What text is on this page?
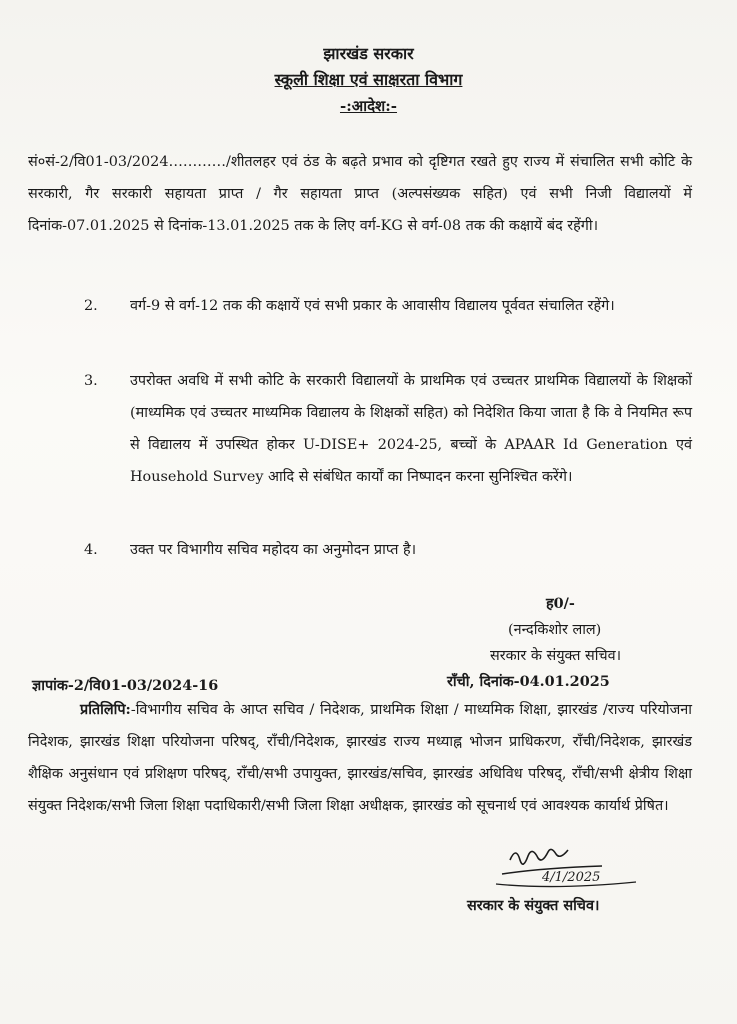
झारखंड सरकार
स्कूली शिक्षा एवं साक्षरता विभाग
-:आदेश:-
सं०सं-2/वि01-03/2024…………/शीतलहर एवं ठंड के बढ़ते प्रभाव को दृष्टिगत रखते हुए राज्य में संचालित सभी कोटि के सरकारी, गैर सरकारी सहायता प्राप्त / गैर सहायता प्राप्त (अल्पसंख्यक सहित) एवं सभी निजी विद्यालयों में दिनांक-07.01.2025 से दिनांक-13.01.2025 तक के लिए वर्ग-KG से वर्ग-08 तक की कक्षायें बंद रहेंगी।
2. वर्ग-9 से वर्ग-12 तक की कक्षायें एवं सभी प्रकार के आवासीय विद्यालय पूर्ववत संचालित रहेंगे।
3. उपरोक्त अवधि में सभी कोटि के सरकारी विद्यालयों के प्राथमिक एवं उच्चतर प्राथमिक विद्यालयों के शिक्षकों (माध्यमिक एवं उच्चतर माध्यमिक विद्यालय के शिक्षकों सहित) को निदेशित किया जाता है कि वे नियमित रूप से विद्यालय में उपस्थित होकर U-DISE+ 2024-25, बच्चों के APAAR Id Generation एवं Household Survey आदि से संबंधित कार्यों का निष्पादन करना सुनिश्चित करेंगे।
4. उक्त पर विभागीय सचिव महोदय का अनुमोदन प्राप्त है।
ह0/-
(नन्दकिशोर लाल)
सरकार के संयुक्त सचिव।
ज्ञापांक-2/वि01-03/2024-16	राँची, दिनांक-04.01.2025
प्रतिलिपि:-विभागीय सचिव के आप्त सचिव / निदेशक, प्राथमिक शिक्षा / माध्यमिक शिक्षा, झारखंड /राज्य परियोजना निदेशक, झारखंड शिक्षा परियोजना परिषद्, राँची/निदेशक, झारखंड राज्य मध्याह्न भोजन प्राधिकरण, राँची/निदेशक, झारखंड शैक्षिक अनुसंधान एवं प्रशिक्षण परिषद्, राँची/सभी उपायुक्त, झारखंड/सचिव, झारखंड अधिविध परिषद्, राँची/सभी क्षेत्रीय शिक्षा संयुक्त निदेशक/सभी जिला शिक्षा पदाधिकारी/सभी जिला शिक्षा अधीक्षक, झारखंड को सूचनार्थ एवं आवश्यक कार्यार्थ प्रेषित।
4/1/2025
सरकार के संयुक्त सचिव।
